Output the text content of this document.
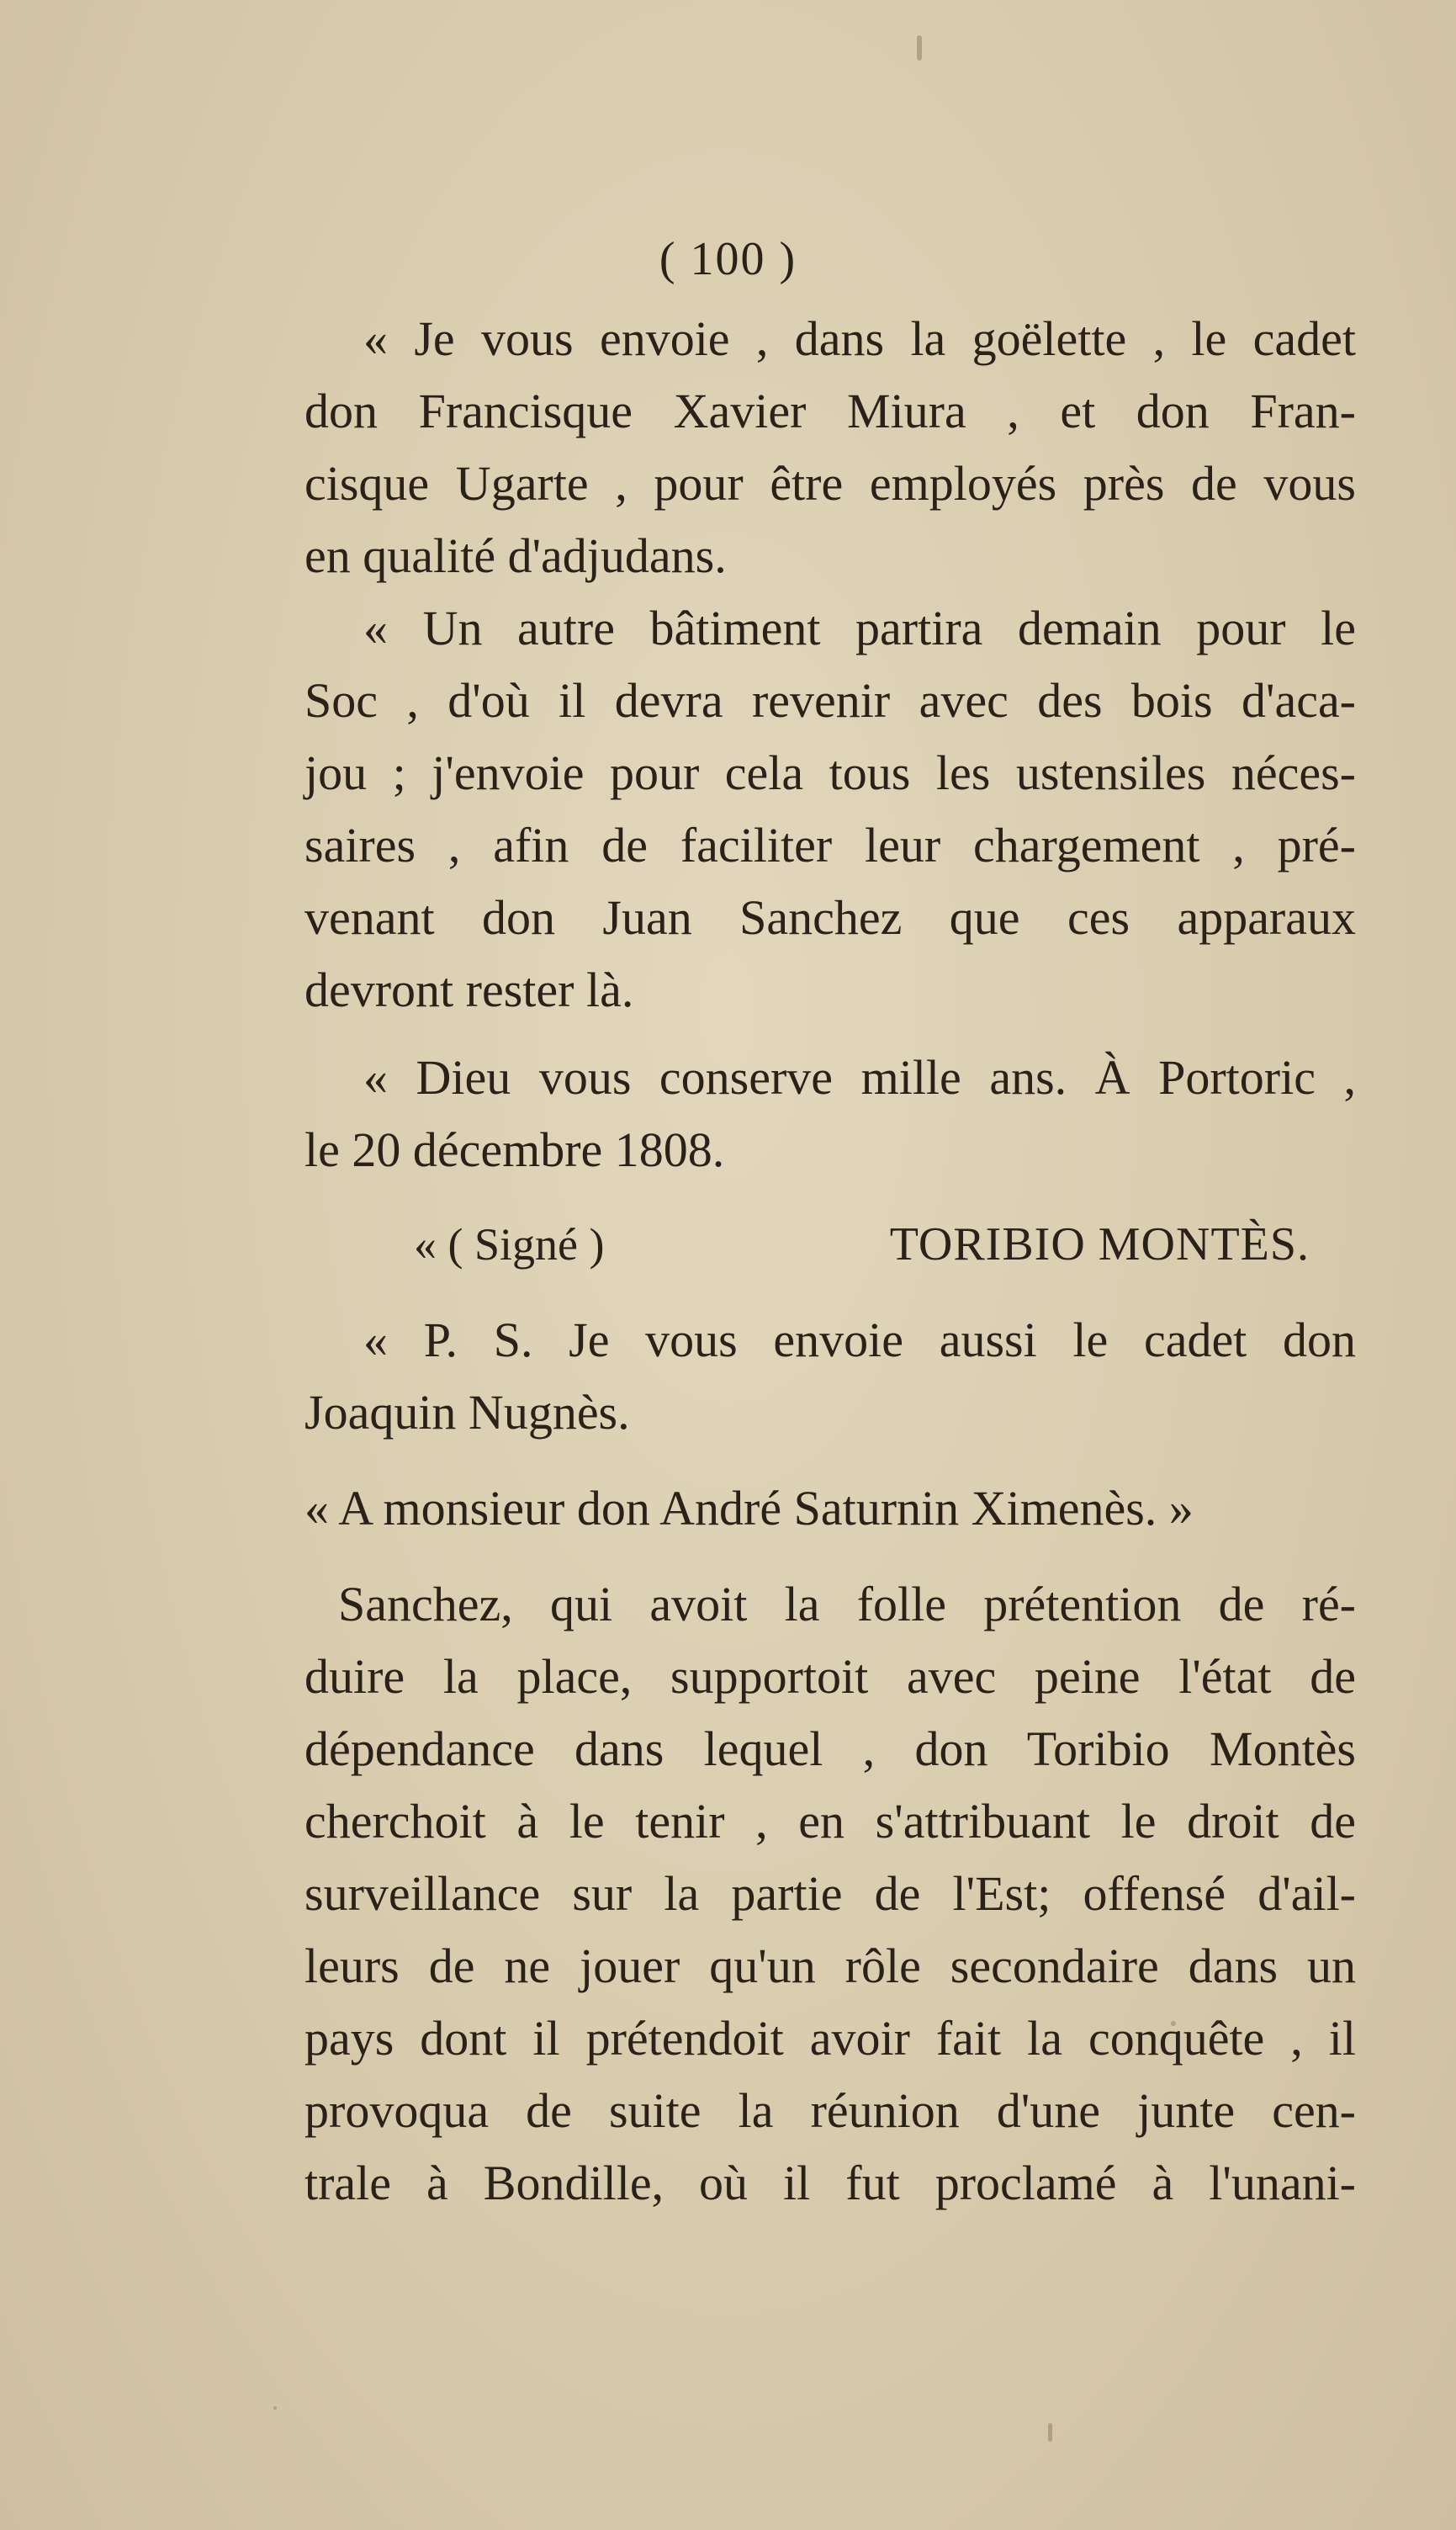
( 100 )
« Je vous envoie , dans la goëlette , le cadet
don Francisque Xavier Miura , et don Fran-
cisque Ugarte , pour être employés près de vous
en qualité d'adjudans.
« Un autre bâtiment partira demain pour le
Soc , d'où il devra revenir avec des bois d'aca-
jou ; j'envoie pour cela tous les ustensiles néces-
saires , afin de faciliter leur chargement , pré-
venant don Juan Sanchez que ces apparaux
devront rester là.
« Dieu vous conserve mille ans. À Portoric ,
le 20 décembre 1808.
« ( Signé )	TORIBIO MONTÈS.
« P. S. Je vous envoie aussi le cadet don
Joaquin Nugnès.
« A monsieur don André Saturnin Ximenès. »
Sanchez, qui avoit la folle prétention de ré-
duire la place, supportoit avec peine l'état de
dépendance dans lequel , don Toribio Montès
cherchoit à le tenir , en s'attribuant le droit de
surveillance sur la partie de l'Est; offensé d'ail-
leurs de ne jouer qu'un rôle secondaire dans un
pays dont il prétendoit avoir fait la conquête , il
provoqua de suite la réunion d'une junte cen-
trale à Bondille, où il fut proclamé à l'unani-
